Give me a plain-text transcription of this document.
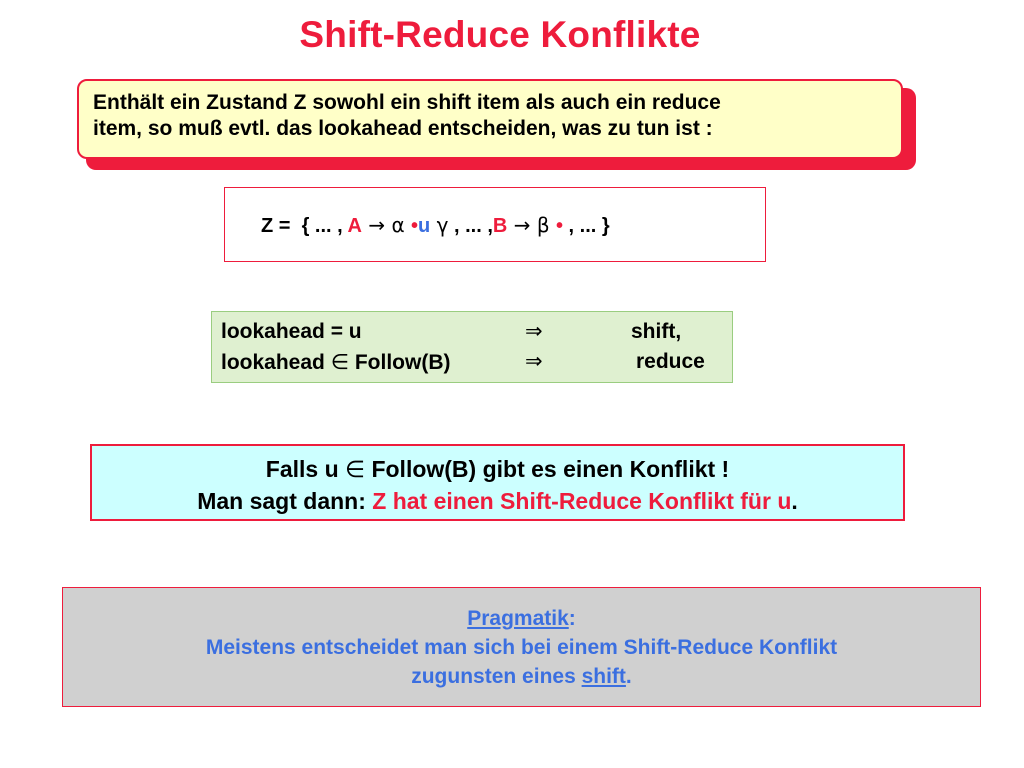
Shift-Reduce Konflikte
Enthält ein Zustand Z sowohl ein shift item als auch ein reduce
item, so muß evtl. das lookahead entscheiden, was zu tun ist :
Z =  { ... , A → α •u γ , ... ,B → β • , ... }
lookahead = u	⇒	shift,
lookahead ∈ Follow(B)	⇒	reduce
Falls u ∈ Follow(B) gibt es einen Konflikt !
Man sagt dann: Z hat einen Shift-Reduce Konflikt für u.
Pragmatik:
Meistens entscheidet man sich bei einem Shift-Reduce Konflikt
zugunsten eines shift.
